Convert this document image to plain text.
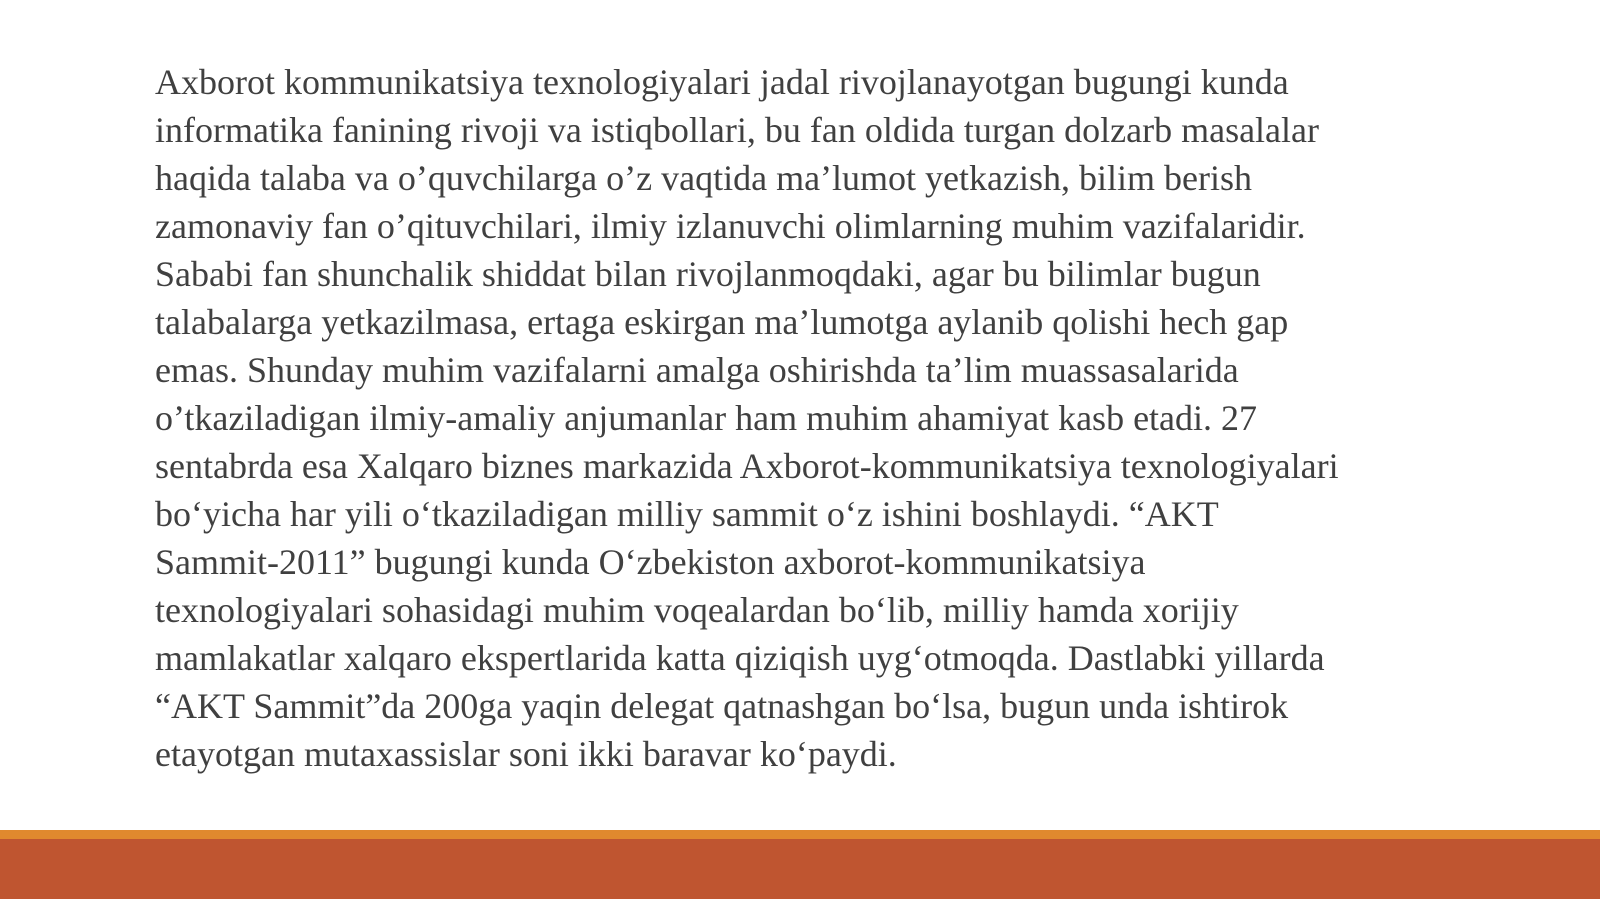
Axborot kommunikatsiya texnologiyalari jadal rivojlanayotgan bugungi kunda
informatika fanining rivoji va istiqbollari, bu fan oldida turgan dolzarb masalalar
haqida talaba va o’quvchilarga o’z vaqtida ma’lumot yetkazish, bilim berish
zamonaviy fan o’qituvchilari, ilmiy izlanuvchi olimlarning muhim vazifalaridir.
Sababi fan shunchalik shiddat bilan rivojlanmoqdaki, agar bu bilimlar bugun
talabalarga yetkazilmasa, ertaga eskirgan ma’lumotga aylanib qolishi hech gap
emas. Shunday muhim vazifalarni amalga oshirishda ta’lim muassasalarida
o’tkaziladigan ilmiy-amaliy anjumanlar ham muhim ahamiyat kasb etadi. 27
sentabrda esa Xalqaro biznes markazida Axborot-kommunikatsiya texnologiyalari
bo‘yicha har yili o‘tkaziladigan milliy sammit o‘z ishini boshlaydi. “AKT
Sammit-2011” bugungi kunda O‘zbekiston axborot-kommunikatsiya
texnologiyalari sohasidagi muhim voqealardan bo‘lib, milliy hamda xorijiy
mamlakatlar xalqaro ekspertlarida katta qiziqish uyg‘otmoqda. Dastlabki yillarda
“AKT Sammit”da 200ga yaqin delegat qatnashgan bo‘lsa, bugun unda ishtirok
etayotgan mutaxassislar soni ikki baravar ko‘paydi.
